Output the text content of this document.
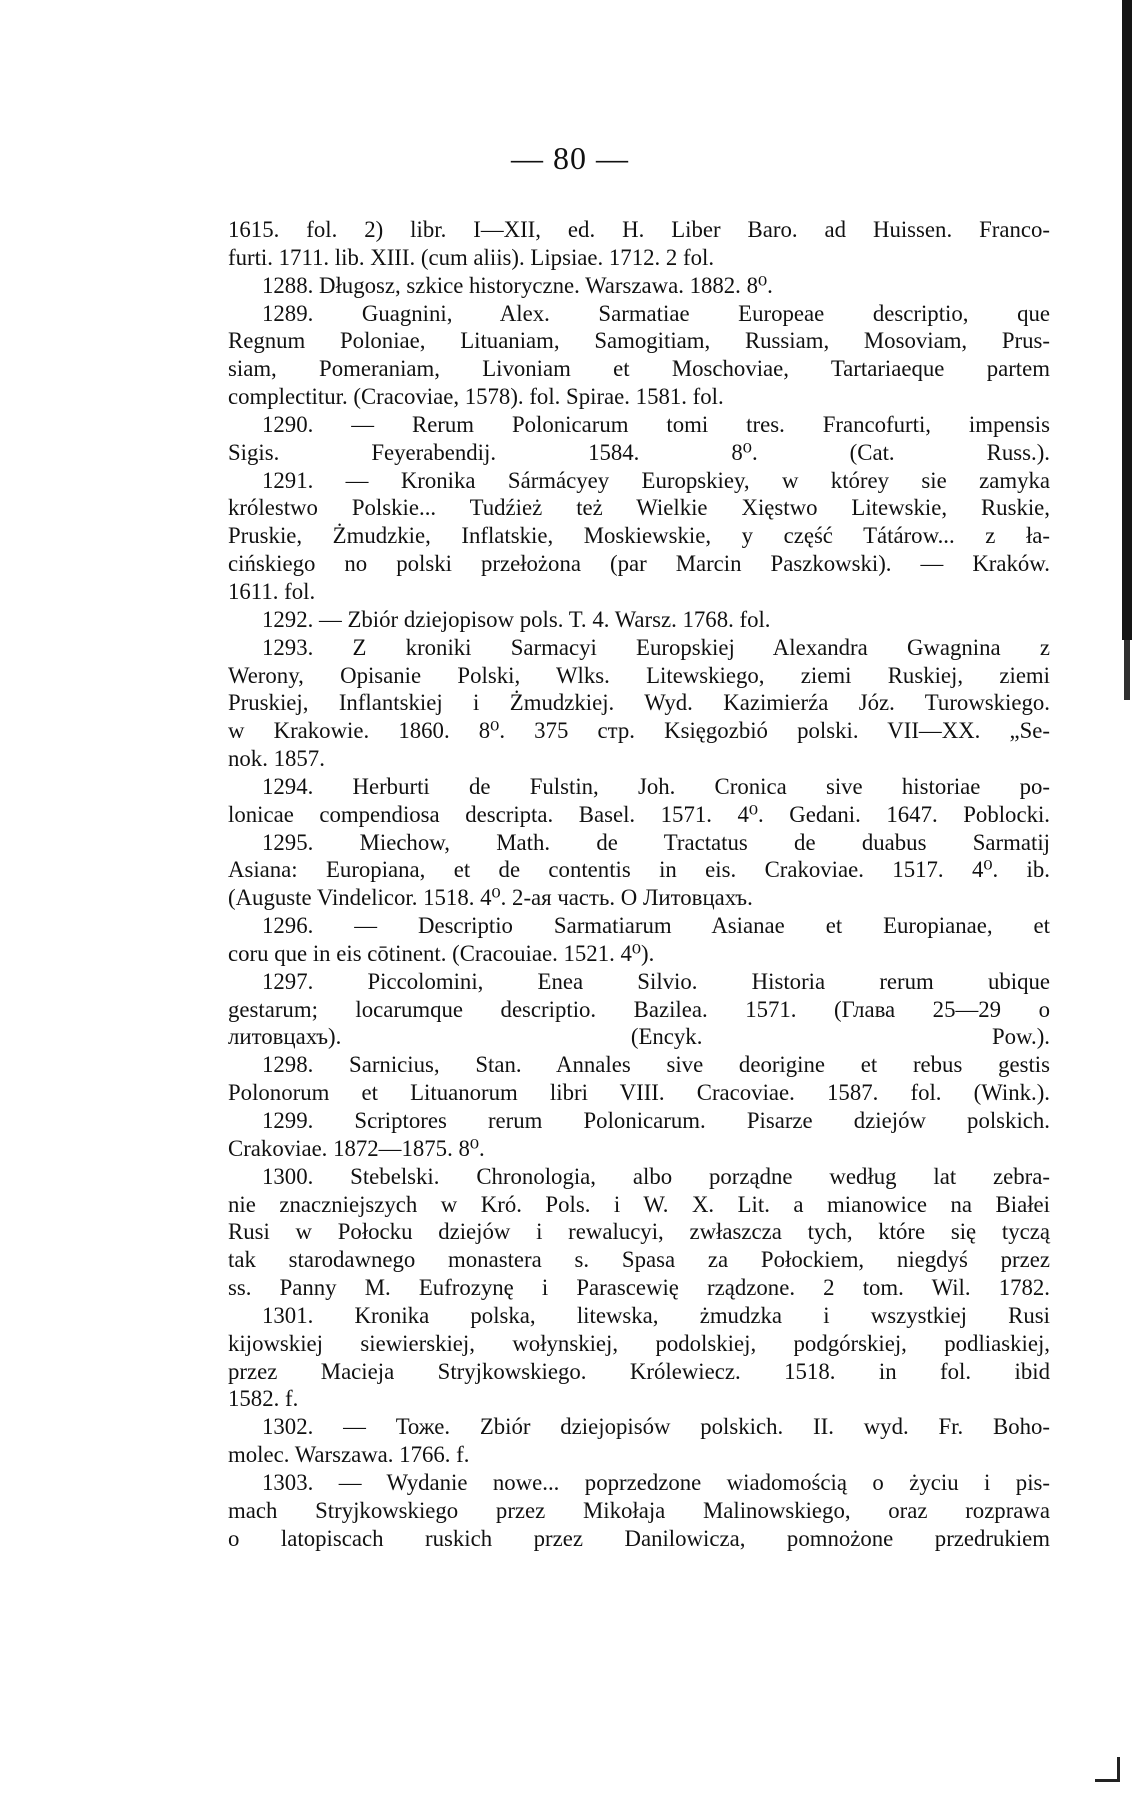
— 80 —
1615. fol. 2) libr. I—XII, ed. H. Liber Baro. ad Huissen. Franco-
furti. 1711. lib. XIII. (cum aliis). Lipsiae. 1712. 2 fol.
1288. Długosz, szkice historyczne. Warszawa. 1882. 8⁰.
1289. Guagnini, Alex. Sarmatiae Europeae descriptio, que
Regnum Poloniae, Lituaniam, Samogitiam, Russiam, Mosoviam, Prus-
siam, Pomeraniam, Livoniam et Moschoviae, Tartariaeque partem
complectitur. (Cracoviae, 1578). fol. Spirae. 1581. fol.
1290. — Rerum Polonicarum tomi tres. Francofurti, impensis
Sigis. Feyerabendij. 1584. 8⁰. (Cat. Russ.).
1291. — Kronika Sármácyey Europskiey, w którey sie zamyka
królestwo Polskie... Tudźież też Wielkie Xięstwo Litewskie, Ruskie,
Pruskie, Żmudzkie, Inflatskie, Moskiewskie, y część Tátárow... z ła-
cińskiego no polski przełożona (par Marcin Paszkowski). — Kraków.
1611. fol.
1292. — Zbiór dziejopisow pols. T. 4. Warsz. 1768. fol.
1293. Z kroniki Sarmacyi Europskiej Alexandra Gwagnina z
Werony, Opisanie Polski, Wlks. Litewskiego, ziemi Ruskiej, ziemi
Pruskiej, Inflantskiej i Żmudzkiej. Wyd. Kazimierźa Józ. Turowskiego.
w Krakowie. 1860. 8⁰. 375 стр. Księgozbió polski. VII—XX. „Se-
nok. 1857.
1294. Herburti de Fulstin, Joh. Cronica sive historiae po-
lonicae compendiosa descripta. Basel. 1571. 4⁰. Gedani. 1647. Poblocki.
1295. Miechow, Math. de Tractatus de duabus Sarmatij
Asiana: Europiana, et de contentis in eis. Crakoviae. 1517. 4⁰. ib.
(Auguste Vindelicor. 1518. 4⁰. 2-ая часть. О Литовцахъ.
1296. — Descriptio Sarmatiarum Asianae et Europianae, et
coru que in eis cōtinent. (Cracouiae. 1521. 4⁰).
1297. Piccolomini, Enea Silvio. Historia rerum ubique
gestarum; locarumque descriptio. Bazilea. 1571. (Глава 25—29 о
литовцахъ). (Encyk. Pow.).
1298. Sarnicius, Stan. Annales sive deorigine et rebus gestis
Polonorum et Lituanorum libri VIII. Cracoviae. 1587. fol. (Wink.).
1299. Scriptores rerum Polonicarum. Pisarze dziejów polskich.
Crakoviae. 1872—1875. 8⁰.
1300. Stebelski. Chronologia, albo porządne według lat zebra-
nie znaczniejszych w Kró. Pols. i W. X. Lit. a mianowice na Białei
Rusi w Połocku dziejów i rewalucyi, zwłaszcza tych, które się tyczą
tak starodawnego monastera s. Spasa za Połockiem, niegdyś przez
ss. Panny M. Eufrozynę i Parascewię rządzone. 2 tom. Wil. 1782.
1301. Kronika polska, litewska, żmudzka i wszystkiej Rusi
kijowskiej siewierskiej, wołynskiej, podolskiej, podgórskiej, podliaskiej,
przez Macieja Stryjkowskiego. Królewiecz. 1518. in fol. ibid
1582. f.
1302. — Тоже. Zbiór dziejopisów polskich. II. wyd. Fr. Boho-
molec. Warszawa. 1766. f.
1303. — Wydanie nowe... poprzedzone wiadomością o życiu i pis-
mach Stryjkowskiego przez Mikołaja Malinowskiego, oraz rozprawa
o latopiscach ruskich przez Danilowicza, pomnożone przedrukiem
